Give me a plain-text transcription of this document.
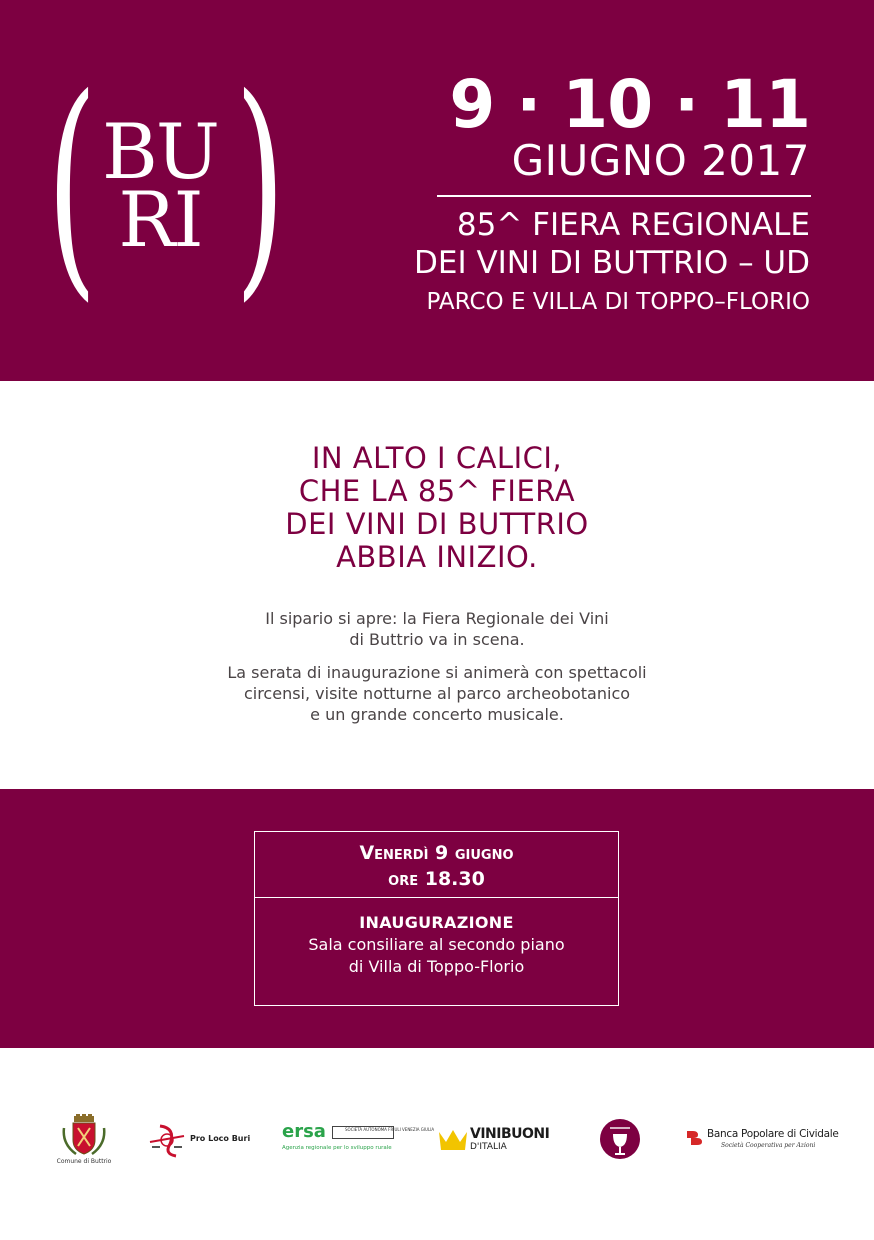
( BU
RI ) 9 · 10 · 11
GIUGNO 2017
85^ FIERA REGIONALE
DEI VINI DI BUTTRIO – UD
PARCO E VILLA DI TOPPO–FLORIO
IN ALTO I CALICI,
CHE LA 85^ FIERA
DEI VINI DI BUTTRIO
ABBIA INIZIO.
Il sipario si apre: la Fiera Regionale dei Vini
di Buttrio va in scena.
La serata di inaugurazione si animerà con spettacoli
circensi, visite notturne al parco archeobotanico
e un grande concerto musicale.
Venerdì 9 giugno
ore 18.30
INAUGURAZIONE
Sala consiliare al secondo piano
di Villa di Toppo-Florio
Comune di Buttrio
Pro Loco Buri ersa	SOCIETÀ AUTONOMA FRIULI VENEZIA GIULIA
Agenzia regionale per lo sviluppo rurale
VINIBUONI
D'ITALIA
Banca Popolare di Cividale
Società Cooperativa per Azioni
